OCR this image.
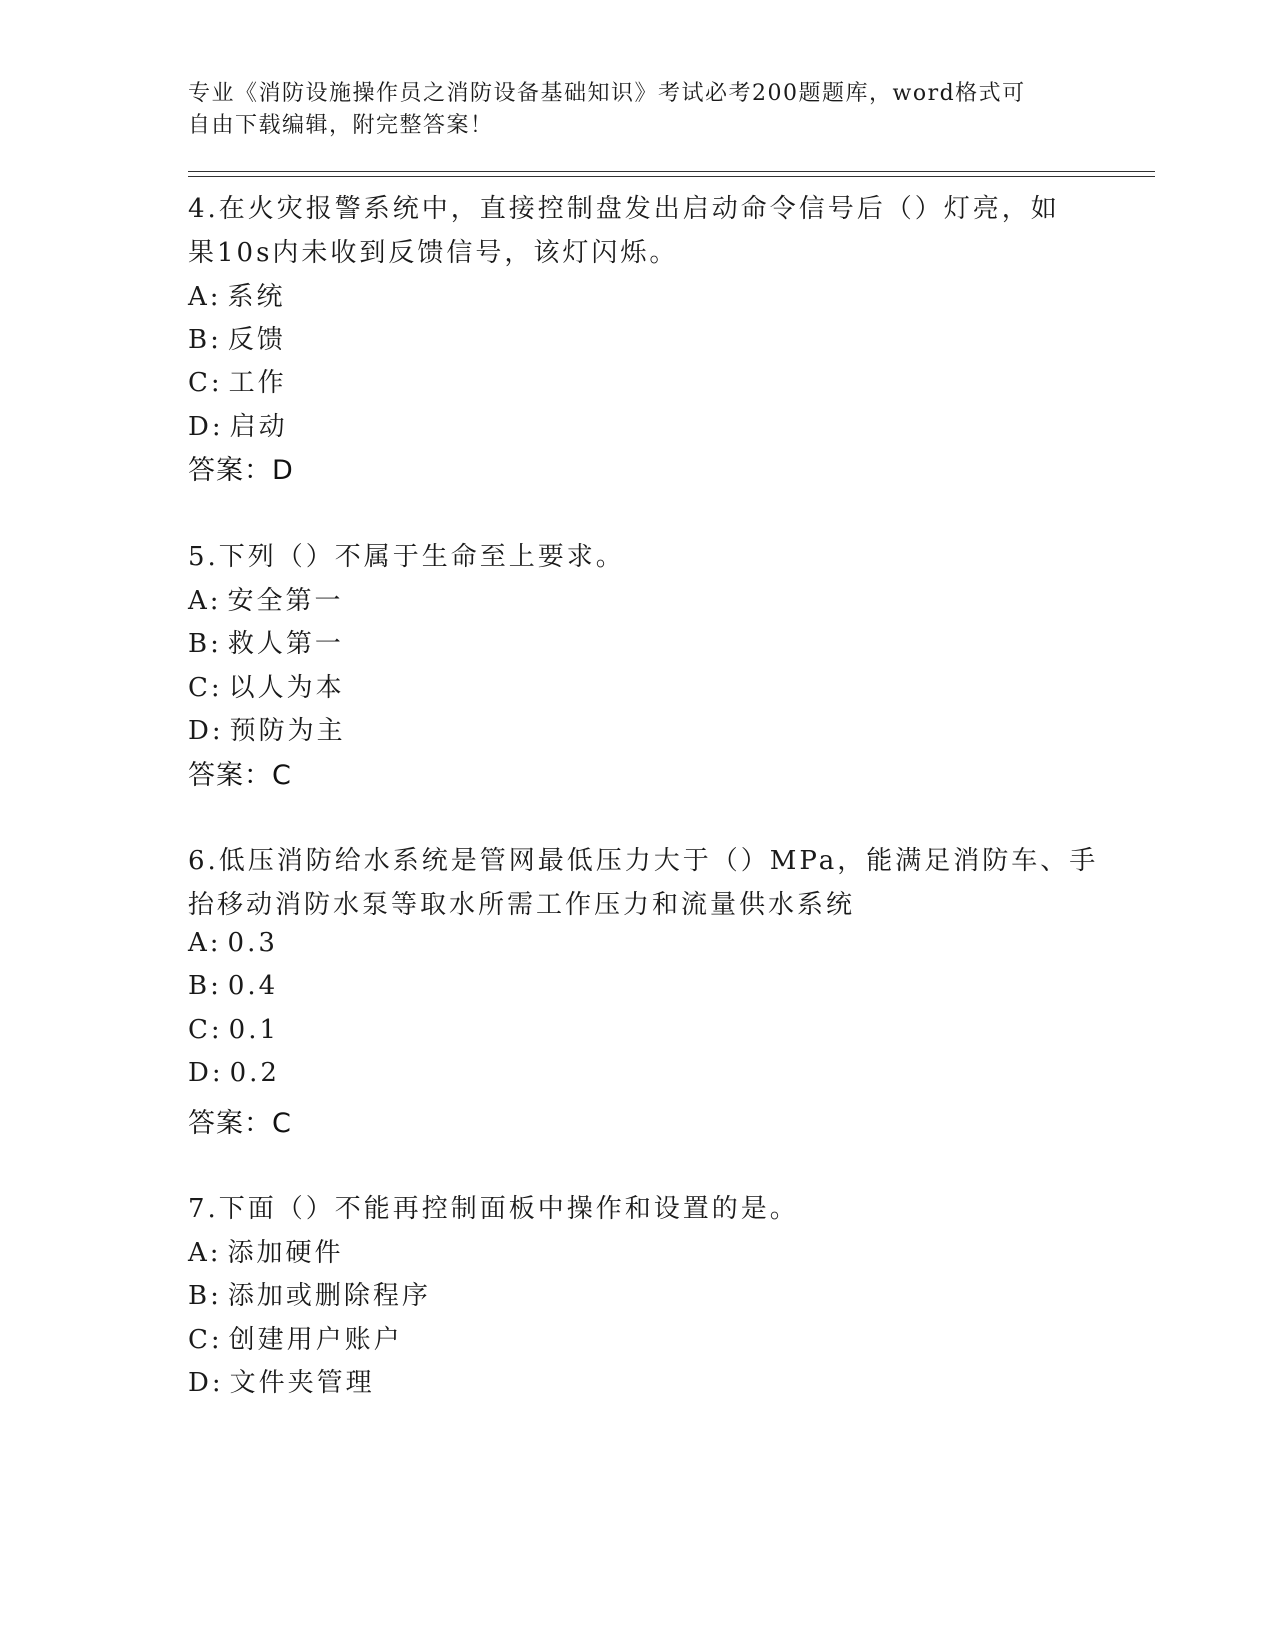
专业《消防设施操作员之消防设备基础知识》考试必考200题题库，word格式可
自由下载编辑，附完整答案！
4.在火灾报警系统中，直接控制盘发出启动命令信号后（）灯亮，如
果10s内未收到反馈信号，该灯闪烁。
A: 系统
B: 反馈
C: 工作
D: 启动
答案：D
5.下列（）不属于生命至上要求。
A: 安全第一
B: 救人第一
C: 以人为本
D: 预防为主
答案：C
6.低压消防给水系统是管网最低压力大于（）MPa，能满足消防车、手
抬移动消防水泵等取水所需工作压力和流量供水系统
A: 0.3
B: 0.4
C: 0.1
D: 0.2
答案：C
7.下面（）不能再控制面板中操作和设置的是。
A: 添加硬件
B: 添加或删除程序
C: 创建用户账户
D: 文件夹管理
